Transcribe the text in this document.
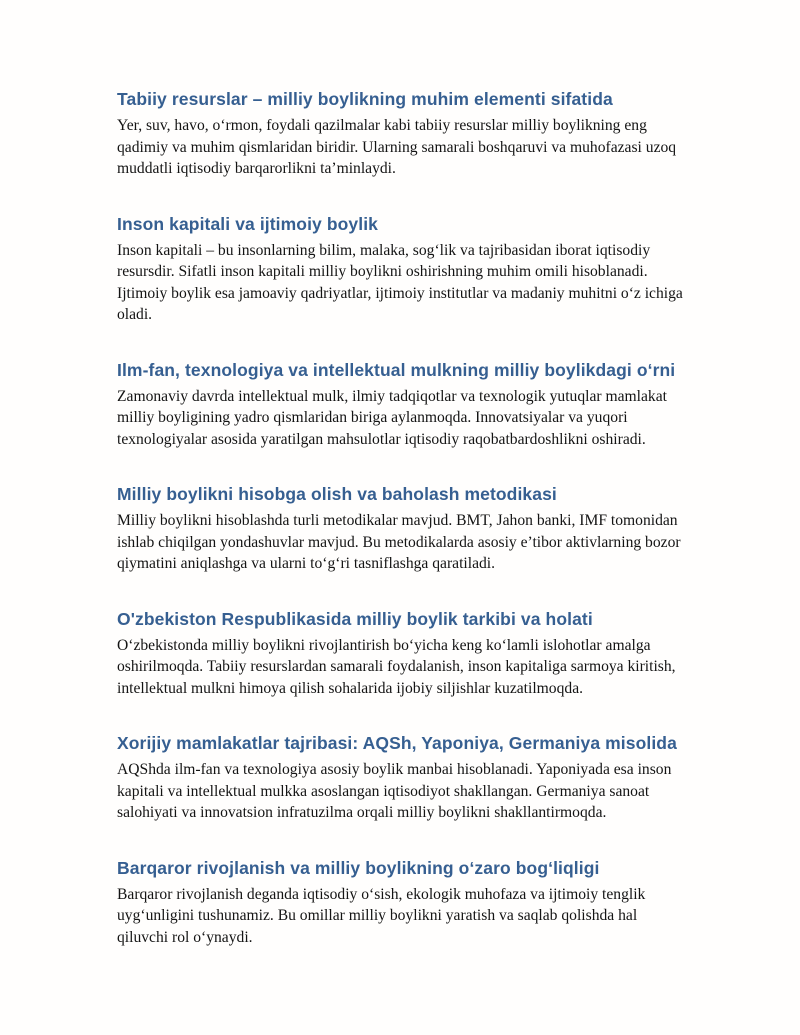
Tabiiy resurslar – milliy boylikning muhim elementi sifatida

Yer, suv, havo, o‘rmon, foydali qazilmalar kabi tabiiy resurslar milliy boylikning eng qadimiy va muhim qismlaridan biridir. Ularning samarali boshqaruvi va muhofazasi uzoq muddatli iqtisodiy barqarorlikni ta’minlaydi.

Inson kapitali va ijtimoiy boylik

Inson kapitali – bu insonlarning bilim, malaka, sog‘lik va tajribasidan iborat iqtisodiy resursdir. Sifatli inson kapitali milliy boylikni oshirishning muhim omili hisoblanadi. Ijtimoiy boylik esa jamoaviy qadriyatlar, ijtimoiy institutlar va madaniy muhitni o‘z ichiga oladi.

Ilm-fan, texnologiya va intellektual mulkning milliy boylikdagi o‘rni

Zamonaviy davrda intellektual mulk, ilmiy tadqiqotlar va texnologik yutuqlar mamlakat milliy boyligining yadro qismlaridan biriga aylanmoqda. Innovatsiyalar va yuqori texnologiyalar asosida yaratilgan mahsulotlar iqtisodiy raqobatbardoshlikni oshiradi.

Milliy boylikni hisobga olish va baholash metodikasi

Milliy boylikni hisoblashda turli metodikalar mavjud. BMT, Jahon banki, IMF tomonidan ishlab chiqilgan yondashuvlar mavjud. Bu metodikalarda asosiy e’tibor aktivlarning bozor qiymatini aniqlashga va ularni to‘g‘ri tasniflashga qaratiladi.

O'zbekiston Respublikasida milliy boylik tarkibi va holati

O‘zbekistonda milliy boylikni rivojlantirish bo‘yicha keng ko‘lamli islohotlar amalga oshirilmoqda. Tabiiy resurslardan samarali foydalanish, inson kapitaliga sarmoya kiritish, intellektual mulkni himoya qilish sohalarida ijobiy siljishlar kuzatilmoqda.

Xorijiy mamlakatlar tajribasi: AQSh, Yaponiya, Germaniya misolida

AQShda ilm-fan va texnologiya asosiy boylik manbai hisoblanadi. Yaponiyada esa inson kapitali va intellektual mulkka asoslangan iqtisodiyot shakllangan. Germaniya sanoat salohiyati va innovatsion infratuzilma orqali milliy boylikni shakllantirmoqda.

Barqaror rivojlanish va milliy boylikning o‘zaro bog‘liqligi

Barqaror rivojlanish deganda iqtisodiy o‘sish, ekologik muhofaza va ijtimoiy tenglik uyg‘unligini tushunamiz. Bu omillar milliy boylikni yaratish va saqlab qolishda hal qiluvchi rol o‘ynaydi.
